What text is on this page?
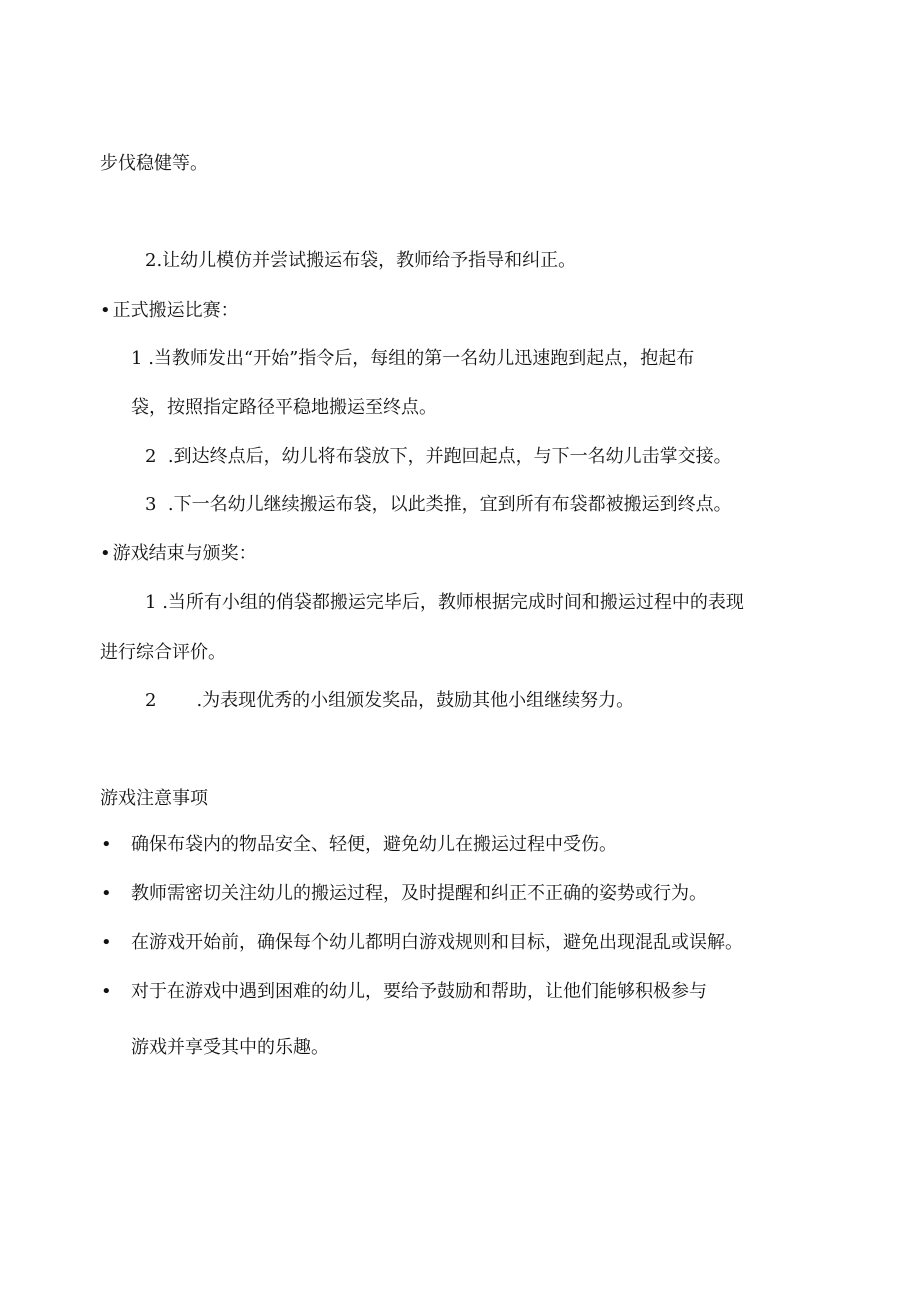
步伐稳健等。
2.让幼儿模仿并尝试搬运布袋，教师给予指导和纠正。
• 正式搬运比赛：
1 .当教师发出“开始”指令后，每组的第一名幼儿迅速跑到起点，抱起布
袋，按照指定路径平稳地搬运至终点。
2 .到达终点后，幼儿将布袋放下，并跑回起点，与下一名幼儿击掌交接。
3 .下一名幼儿继续搬运布袋，以此类推，宜到所有布袋都被搬运到终点。
• 游戏结束与颁奖：
1 .当所有小组的俏袋都搬运完毕后，教师根据完成时间和搬运过程中的表现
进行综合评价。
2 .为表现优秀的小组颁发奖品，鼓励其他小组继续努力。
游戏注意事项
• 确保布袋内的物品安全、轻便，避免幼儿在搬运过程中受伤。
• 教师需密切关注幼儿的搬运过程，及时提醒和纠正不正确的姿势或行为。
• 在游戏开始前，确保每个幼儿都明白游戏规则和目标，避免出现混乱或误解。
• 对于在游戏中遇到困难的幼儿，要给予鼓励和帮助，让他们能够积极参与
游戏并享受其中的乐趣。
